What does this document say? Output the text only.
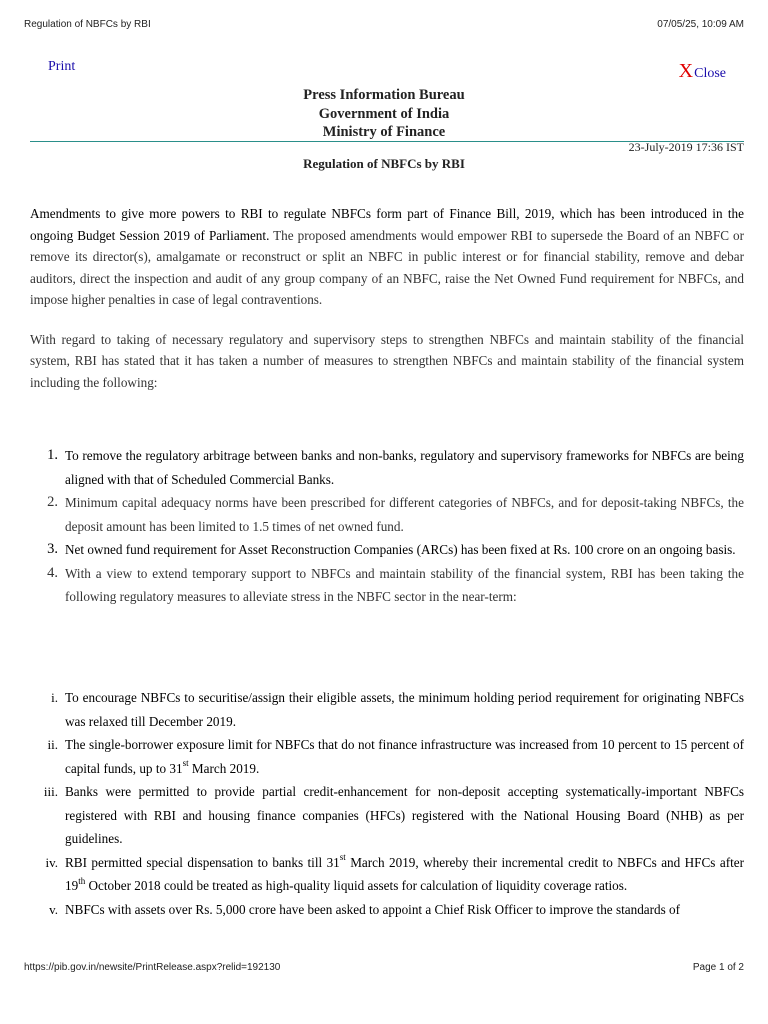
Regulation of NBFCs by RBI	07/05/25, 10:09 AM
Print	X Close
Press Information Bureau
Government of India
Ministry of Finance
23-July-2019 17:36 IST
Regulation of NBFCs by RBI

Amendments to give more powers to RBI to regulate NBFCs form part of Finance Bill, 2019, which has been introduced in the ongoing Budget Session 2019 of Parliament. The proposed amendments would empower RBI to supersede the Board of an NBFC or remove its director(s), amalgamate or reconstruct or split an NBFC in public interest or for financial stability, remove and debar auditors, direct the inspection and audit of any group company of an NBFC, raise the Net Owned Fund requirement for NBFCs, and impose higher penalties in case of legal contraventions.

With regard to taking of necessary regulatory and supervisory steps to strengthen NBFCs and maintain stability of the financial system, RBI has stated that it has taken a number of measures to strengthen NBFCs and maintain stability of the financial system including the following:

1. To remove the regulatory arbitrage between banks and non-banks, regulatory and supervisory frameworks for NBFCs are being aligned with that of Scheduled Commercial Banks.
2. Minimum capital adequacy norms have been prescribed for different categories of NBFCs, and for deposit-taking NBFCs, the deposit amount has been limited to 1.5 times of net owned fund.
3. Net owned fund requirement for Asset Reconstruction Companies (ARCs) has been fixed at Rs. 100 crore on an ongoing basis.
4. With a view to extend temporary support to NBFCs and maintain stability of the financial system, RBI has been taking the following regulatory measures to alleviate stress in the NBFC sector in the near-term:
i. To encourage NBFCs to securitise/assign their eligible assets, the minimum holding period requirement for originating NBFCs was relaxed till December 2019.
ii. The single-borrower exposure limit for NBFCs that do not finance infrastructure was increased from 10 percent to 15 percent of capital funds, up to 31st March 2019.
iii. Banks were permitted to provide partial credit-enhancement for non-deposit accepting systematically-important NBFCs registered with RBI and housing finance companies (HFCs) registered with the National Housing Board (NHB) as per guidelines.
iv. RBI permitted special dispensation to banks till 31st March 2019, whereby their incremental credit to NBFCs and HFCs after 19th October 2018 could be treated as high-quality liquid assets for calculation of liquidity coverage ratios.
v. NBFCs with assets over Rs. 5,000 crore have been asked to appoint a Chief Risk Officer to improve the standards of
https://pib.gov.in/newsite/PrintRelease.aspx?relid=192130	Page 1 of 2
